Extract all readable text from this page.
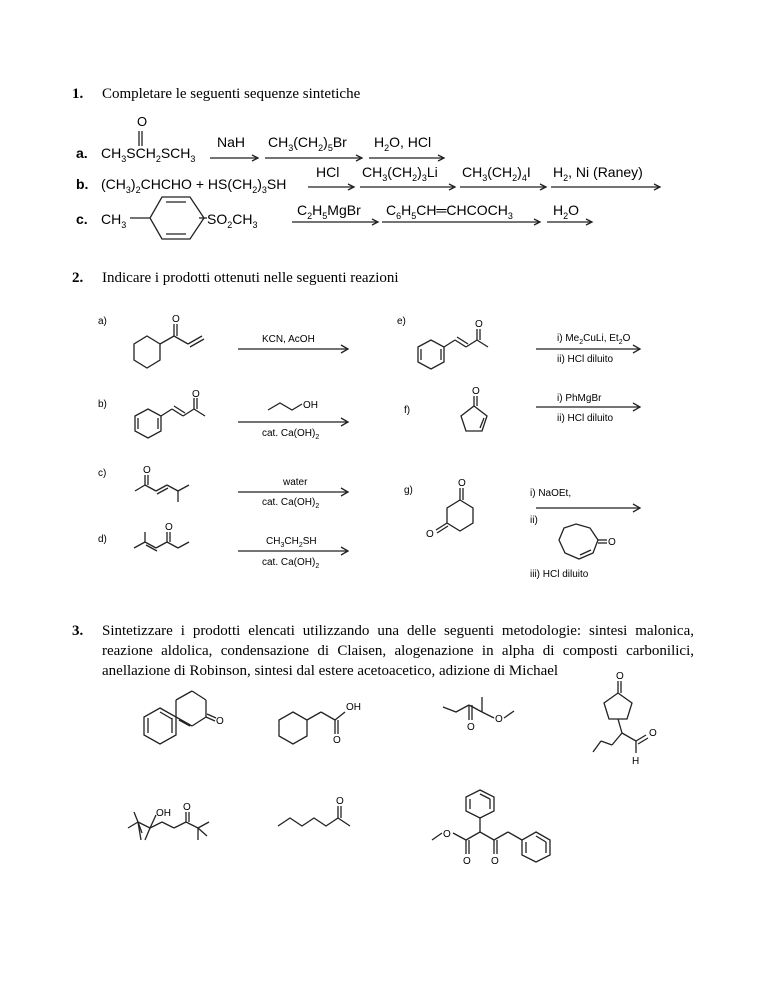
1. Completare le seguenti sequenze sintetiche
a. $CH_3SCH_2SCH_3$
O
NaH $CH_3(CH_2)_5Br$ $H_2O$, HCl
b. $(CH_3)_2CHCHO + HS(CH_2)_3SH$
HCl $CH_3(CH_2)_3Li$ $CH_3(CH_2)_4I$ $H_2$, Ni (Raney)
c. $CH_3$	$SO_2CH_3$
$C_2H_5MgBr$ $C_6H_5CH═CHCOCH_3$	$H_2O$
2. Indicare i prodotti ottenuti nelle seguenti reazioni
a)
b)
c)
d)
e)
f)
g)
KCN, AcOH
cat. $Ca(OH)_2$
water
cat. $Ca(OH)_2$
$CH_3CH_2SH$
cat. $Ca(OH)_2$
i) $Me_2CuLi$, $Et_2O$
ii) HCl diluito
i) PhMgBr
ii) HCl diluito
i) NaOEt,
ii)
iii) HCl diluito
O
O
OH
O
O
O
O
O
O
O
3. Sintetizzare i prodotti elencati utilizzando una delle seguenti metodologie: sintesi malonica, reazione aldolica, condensazione di Claisen, alogenazione in alpha di composti carbonilici, anellazione di Robinson, sintesi dal estere acetoacetico, adizione di Michael
O
OH
O
O
O
O
O
H
OH
O
O
O
O
O
